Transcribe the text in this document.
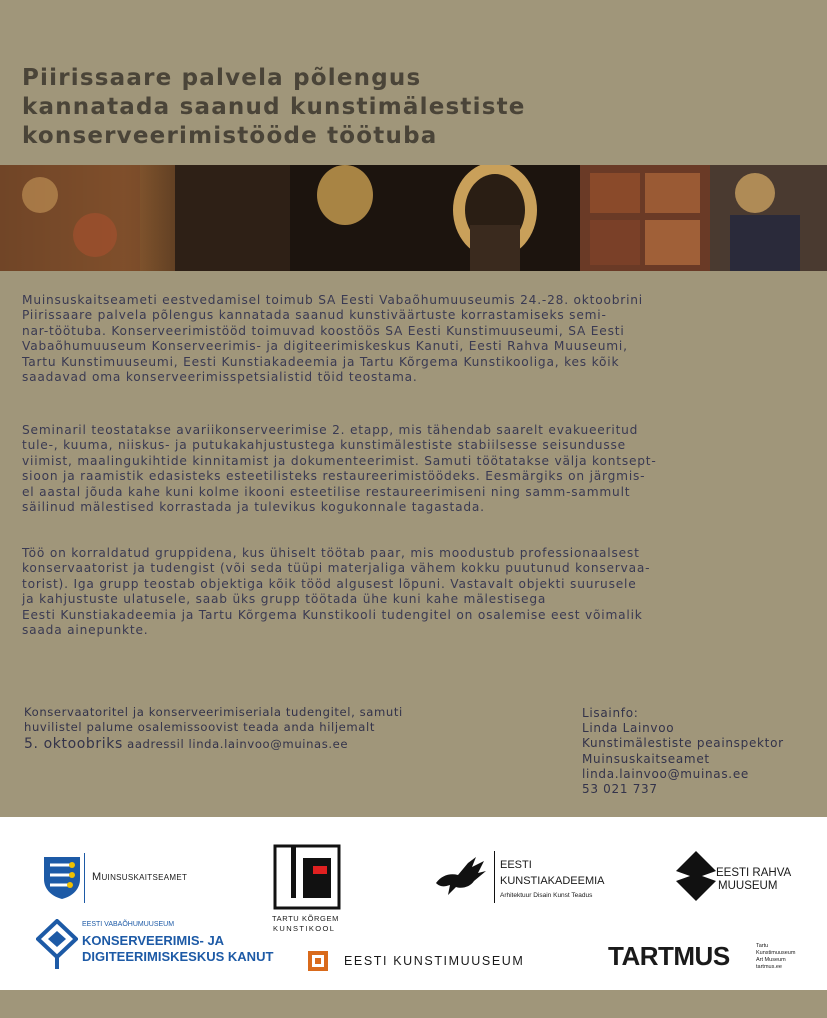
Piirissaare palvela põlengus
kannatada saanud kunstimälestiste
konserveerimistööde töötuba

Muinsuskaitseameti eestvedamisel toimub SA Eesti Vabaõhumuuseumis 24.-28. oktoobrini
Piirissaare palvela põlengus kannatada saanud kunstiväärtuste korrastamiseks semi-
nar-töötuba. Konserveerimistööd toimuvad koostöös SA Eesti Kunstimuuseumi, SA Eesti
Vabaõhumuuseum Konserveerimis- ja digiteerimiskeskus Kanuti, Eesti Rahva Muuseumi,
Tartu Kunstimuuseumi, Eesti Kunstiakadeemia ja Tartu Kõrgema Kunstikooliga, kes kõik
saadavad oma konserveerimisspetsialistid töid teostama.

Seminaril teostatakse avariikonserveerimise 2. etapp, mis tähendab saarelt evakueeritud
tule-, kuuma, niiskus- ja putukakahjustustega kunstimälestiste stabiilsesse seisundusse
viimist, maalingukihtide kinnitamist ja dokumenteerimist. Samuti töötatakse välja kontsept-
sioon ja raamistik edasisteks esteetilisteks restaureerimistöödeks. Eesmärgiks on järgmis-
el aastal jõuda kahe kuni kolme ikooni esteetilise restaureerimiseni ning samm-sammult
säilinud mälestised korrastada ja tulevikus kogukonnale tagastada.

Töö on korraldatud gruppidena, kus ühiselt töötab paar, mis moodustub professionaalsest
konservaatorist ja tudengist (või seda tüüpi materjaliga vähem kokku puutunud konservaa-
torist). Iga grupp teostab objektiga kõik tööd algusest lõpuni. Vastavalt objekti suurusele
ja kahjustuste ulatusele, saab üks grupp töötada ühe kuni kahe mälestisega
Eesti Kunstiakadeemia ja Tartu Kõrgema Kunstikooli tudengitel on osalemise eest võimalik
saada ainepunkte.

Konservaatoritel ja konserveerimiseriala tudengitel, samuti
huvilistel palume osalemissoovist teada anda hiljemalt
5. oktoobriks aadressil linda.lainvoo@muinas.ee
Lisainfo:
Linda Lainvoo
Kunstimälestiste peainspektor
Muinsuskaitseamet
linda.lainvoo@muinas.ee
53 021 737
Muinsuskaitseamet
TARTU KÕRGEM
KUNSTIKOOL
EESTI
KUNSTIAKADEEMIA
Arhitektuur Disain Kunst Teadus
EESTI RAHVA
MUUSEUM
EESTI VABAÕHUMUUSEUM
KONSERVEERIMIS- JA
DIGITEERIMISKESKUS KANUT	EESTI KUNSTIMUUSEUM	TARTMUS	Tartu
Kunstimuuseum
Art Museum
tartmus.ee
